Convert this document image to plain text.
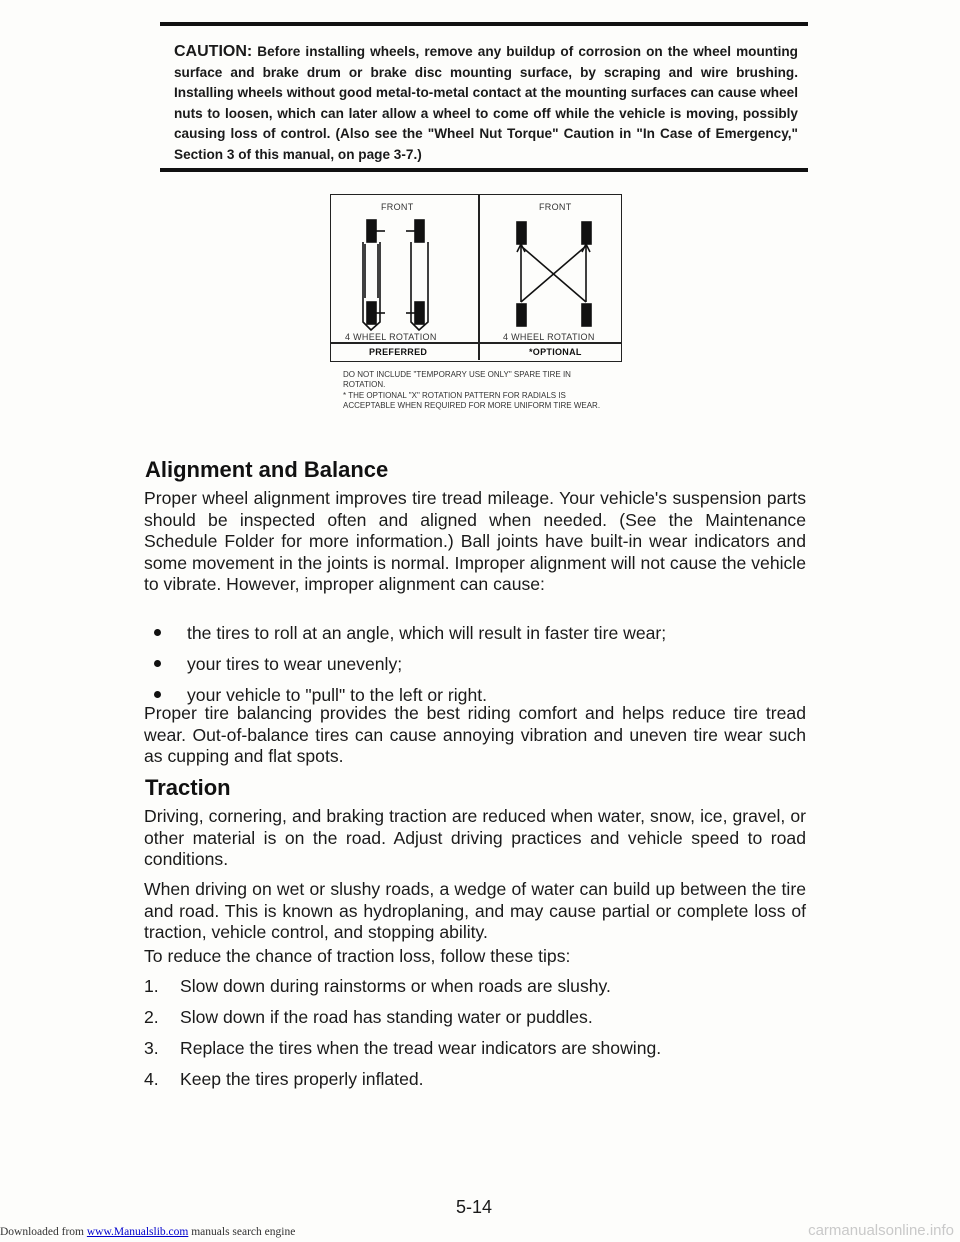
CAUTION: Before installing wheels, remove any buildup of corrosion on the wheel mounting surface and brake drum or brake disc mounting surface, by scraping and wire brushing. Installing wheels without good metal-to-metal contact at the mounting surfaces can cause wheel nuts to loosen, which can later allow a wheel to come off while the vehicle is moving, possibly causing loss of control. (Also see the "Wheel Nut Torque" Caution in "In Case of Emergency," Section 3 of this manual, on page 3-7.)
FRONT	FRONT
4 WHEEL ROTATION	4 WHEEL ROTATION
PREFERRED	*OPTIONAL

DO NOT INCLUDE "TEMPORARY USE ONLY" SPARE TIRE IN ROTATION.

* THE OPTIONAL "X" ROTATION PATTERN FOR RADIALS IS ACCEPTABLE WHEN REQUIRED FOR MORE UNIFORM TIRE WEAR.

Alignment and Balance

Proper wheel alignment improves tire tread mileage. Your vehicle's suspension parts should be inspected often and aligned when needed. (See the Maintenance Schedule Folder for more information.) Ball joints have built-in wear indicators and some movement in the joints is normal. Improper alignment will not cause the vehicle to vibrate. However, improper alignment can cause:

the tires to roll at an angle, which will result in faster tire wear;
your tires to wear unevenly;
your vehicle to "pull" to the left or right.

Proper tire balancing provides the best riding comfort and helps reduce tire tread wear. Out-of-balance tires can cause annoying vibration and uneven tire wear such as cupping and flat spots.

Traction

Driving, cornering, and braking traction are reduced when water, snow, ice, gravel, or other material is on the road. Adjust driving practices and vehicle speed to road conditions.

When driving on wet or slushy roads, a wedge of water can build up between the tire and road. This is known as hydroplaning, and may cause partial or complete loss of traction, vehicle control, and stopping ability.

To reduce the chance of traction loss, follow these tips:

1. Slow down during rainstorms or when roads are slushy.
2. Slow down if the road has standing water or puddles.
3. Replace the tires when the tread wear indicators are showing.
4. Keep the tires properly inflated.
5-14
Downloaded from www.Manualslib.com manuals search engine	carmanualsonline.info
